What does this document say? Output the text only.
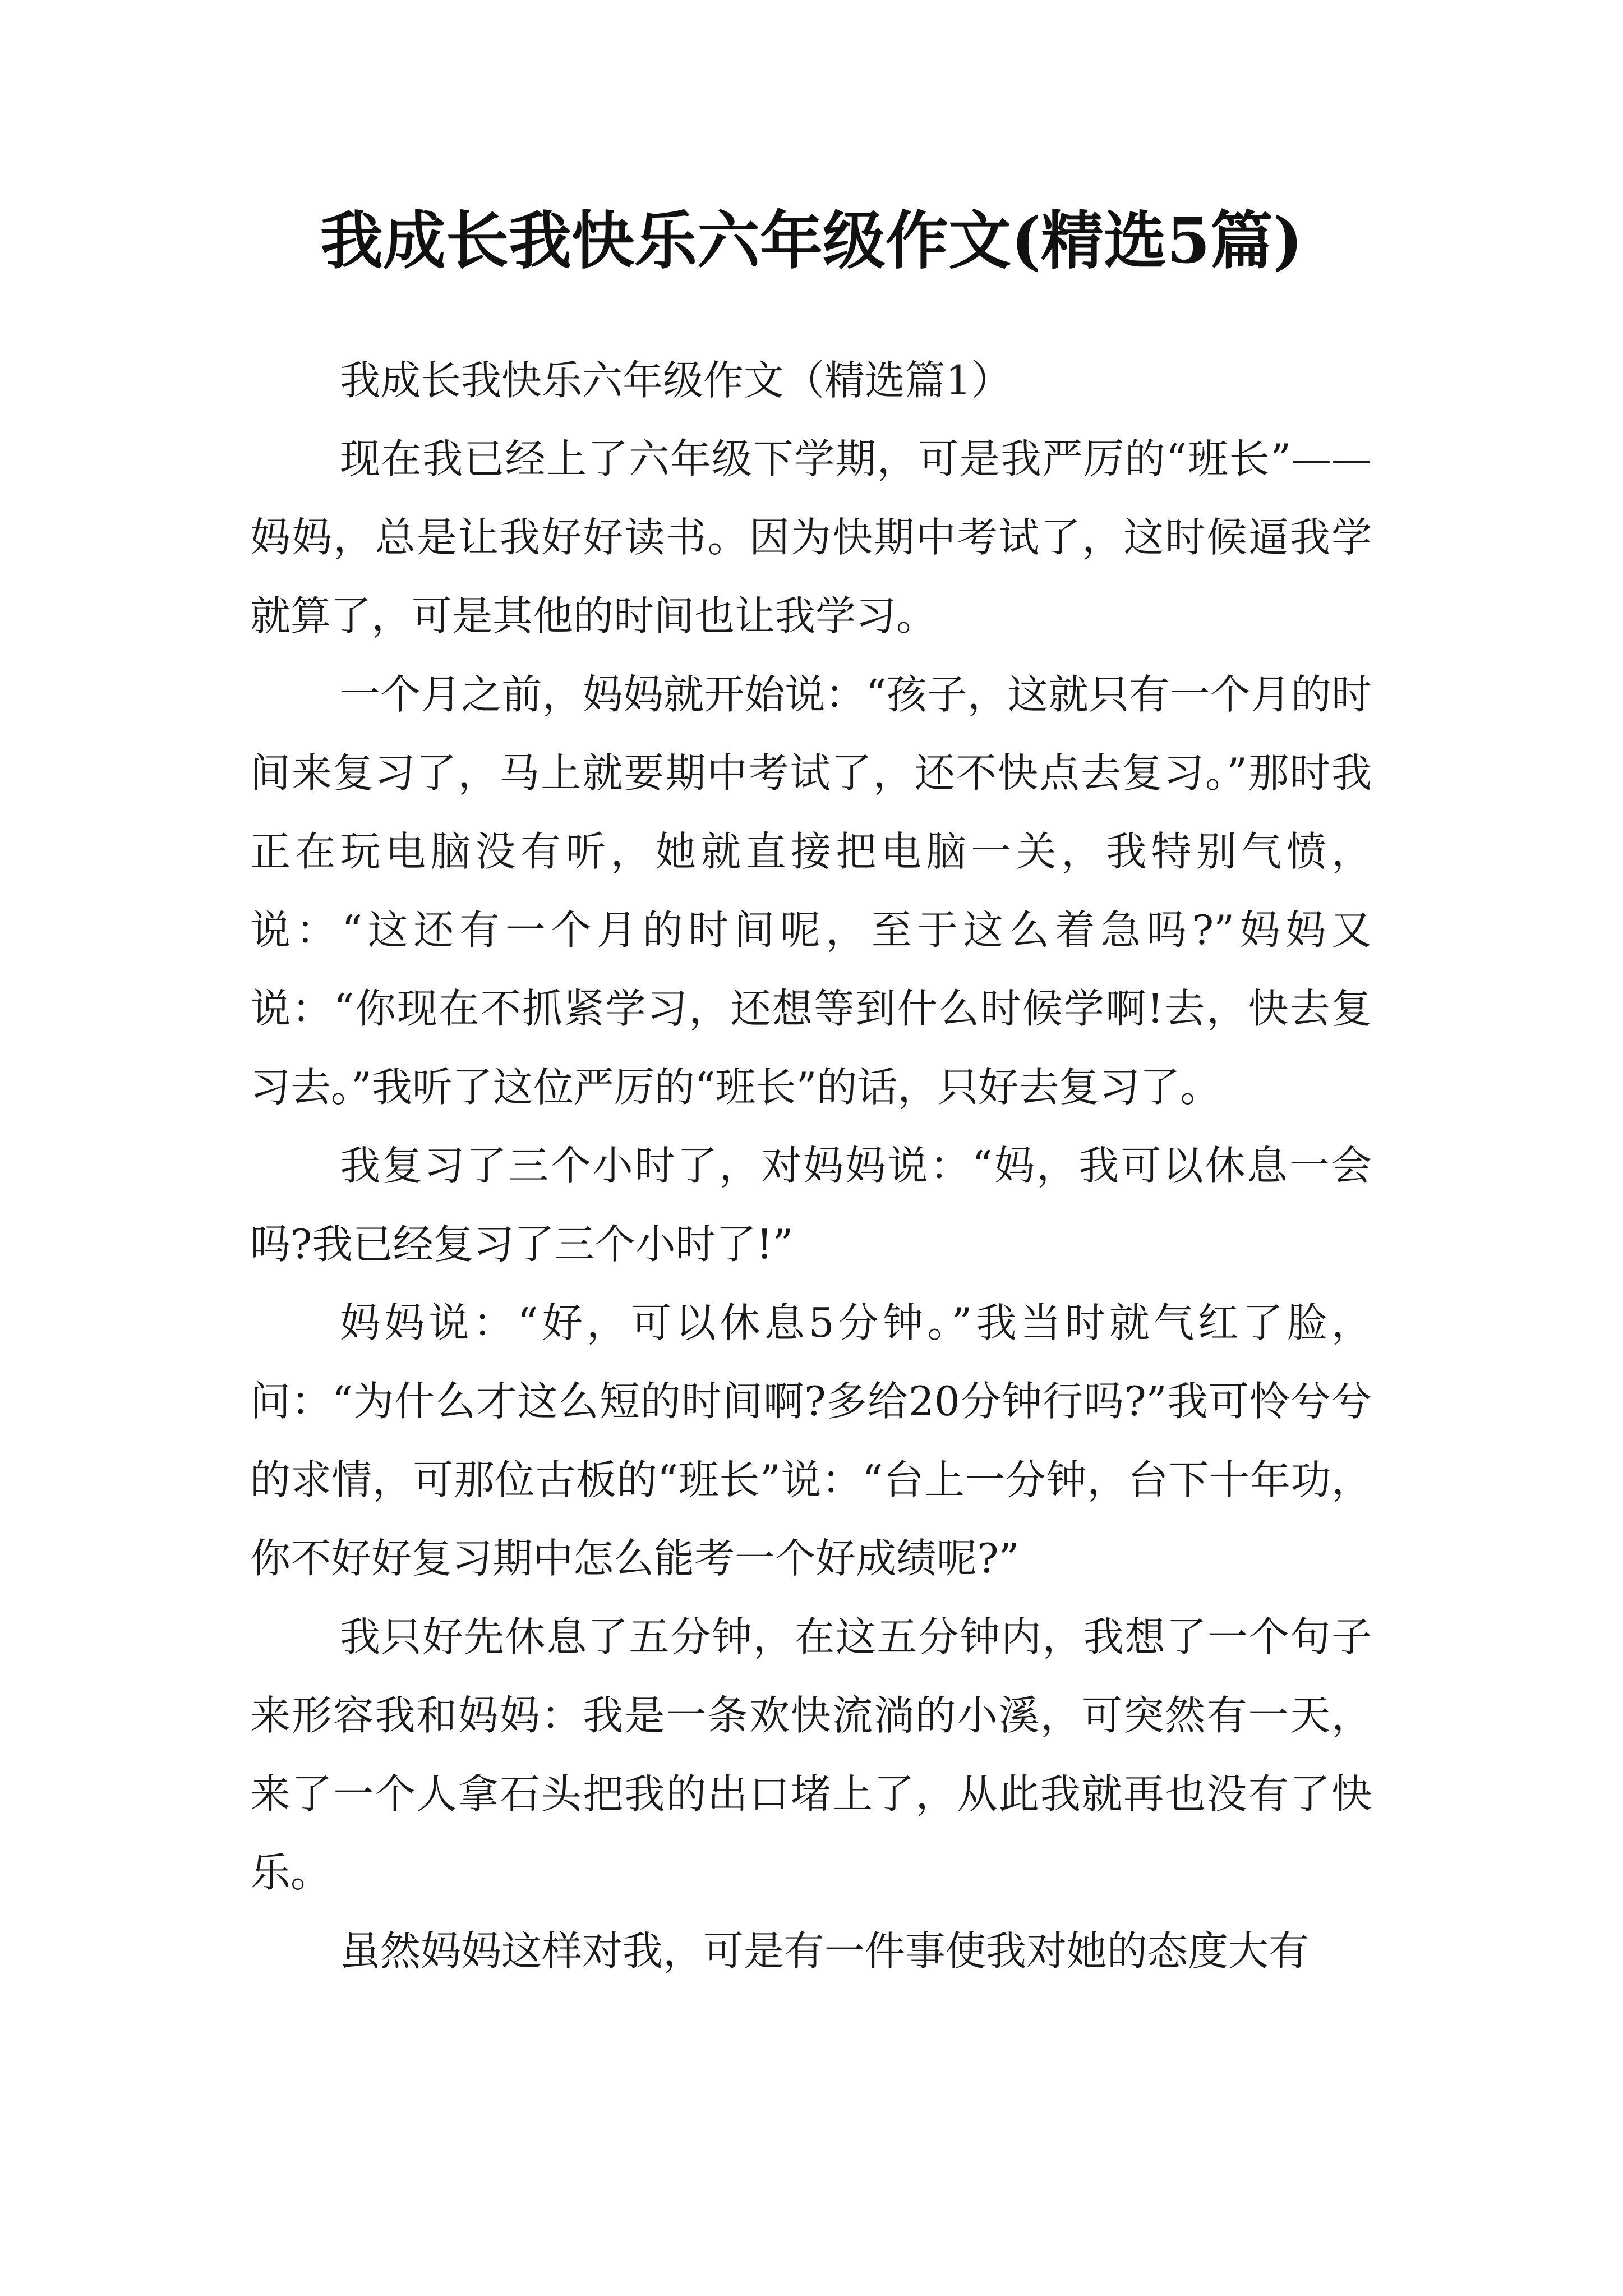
我成长我快乐六年级作文(精选5篇)

我成长我快乐六年级作文（精选篇1）

现在我已经上了六年级下学期，可是我严厉的“班长”——妈妈，总是让我好好读书。因为快期中考试了，这时候逼我学就算了，可是其他的时间也让我学习。

一个月之前，妈妈就开始说：“孩子，这就只有一个月的时间来复习了，马上就要期中考试了，还不快点去复习。”那时我正在玩电脑没有听，她就直接把电脑一关，我特别气愤，说：“这还有一个月的时间呢，至于这么着急吗?”妈妈又说：“你现在不抓紧学习，还想等到什么时候学啊!去，快去复习去。”我听了这位严厉的“班长”的话，只好去复习了。

我复习了三个小时了，对妈妈说：“妈，我可以休息一会吗?我已经复习了三个小时了!”

妈妈说：“好，可以休息5分钟。”我当时就气红了脸，问：“为什么才这么短的时间啊?多给20分钟行吗?”我可怜兮兮的求情，可那位古板的“班长”说：“台上一分钟，台下十年功，你不好好复习期中怎么能考一个好成绩呢?”

我只好先休息了五分钟，在这五分钟内，我想了一个句子来形容我和妈妈：我是一条欢快流淌的小溪，可突然有一天，来了一个人拿石头把我的出口堵上了，从此我就再也没有了快乐。

虽然妈妈这样对我，可是有一件事使我对她的态度大有
